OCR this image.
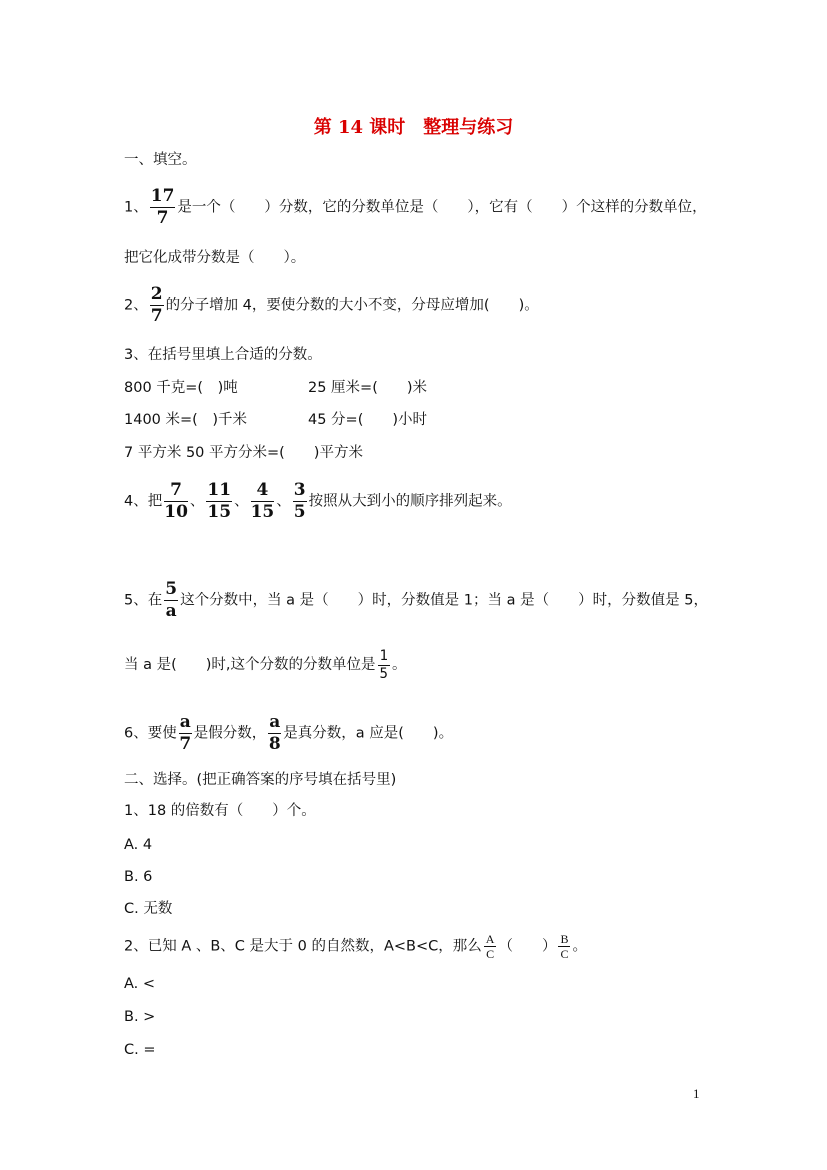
第 14 课时　整理与练习
一、填空。
1、 $\frac{17}{7}$ 是一个（　　）分数，它的分数单位是（　　），它有（　　）个这样的分数单位，
把它化成带分数是（　　）。
2、 $\frac{2}{7}$ 的分子增加 4，要使分数的大小不变，分母应增加(　　)。
3、在括号里填上合适的分数。
800 千克=(　)吨	25 厘米=(　　)米
1400 米=(　)千米	45 分=(　　)小时
7 平方米 50 平方分米=(　　)平方米
4、把 $\frac{7}{10}$ 、 $\frac{11}{15}$ 、 $\frac{4}{15}$ 、 $\frac{3}{5}$ 按照从大到小的顺序排列起来。
5、在 $\frac{5}{a}$ 这个分数中，当 a 是（　　）时，分数值是 1；当 a 是（　　）时，分数值是 5，
当 a 是(　　)时,这个分数的分数单位是 $\frac{1}{5}$ 。
6、要使 $\frac{a}{7}$ 是假分数， $\frac{a}{8}$ 是真分数，a 应是(　　)。
二、选择。(把正确答案的序号填在括号里)
1、18 的倍数有（　　）个。
A. 4
B. 6
C. 无数
2、已知 A 、B、C 是大于 0 的自然数，A<B<C，那么 $\frac{A}{C}$ （　　） $\frac{B}{C}$ 。
A. <
B. >
C. =
1
